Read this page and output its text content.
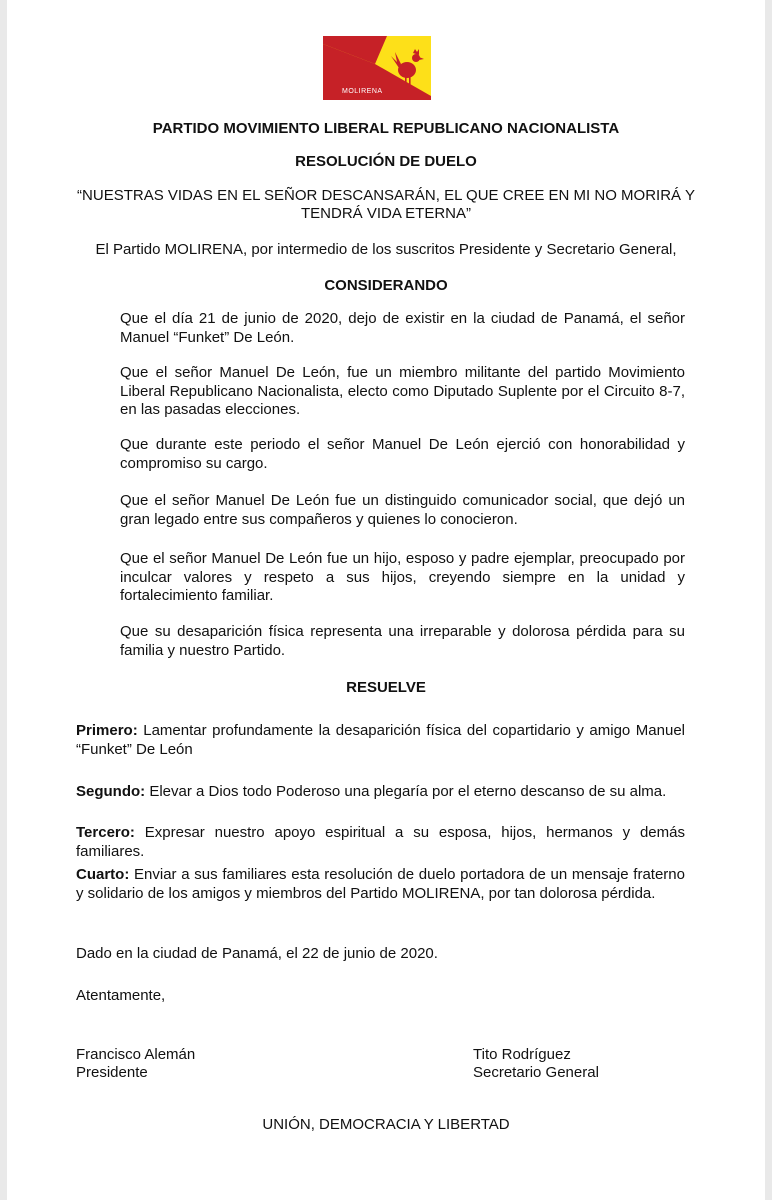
MOLIRENA
PARTIDO MOVIMIENTO LIBERAL REPUBLICANO NACIONALISTA
RESOLUCIÓN DE DUELO
“NUESTRAS VIDAS EN EL SEÑOR DESCANSARÁN, EL QUE CREE EN MI NO MORIRÁ Y
TENDRÁ VIDA ETERNA”
El Partido MOLIRENA, por intermedio de los suscritos Presidente y Secretario General,
CONSIDERANDO

Que el día 21 de junio de 2020, dejo de existir en la ciudad de Panamá, el señor Manuel “Funket” De León.

Que el señor Manuel De León, fue un miembro militante del partido Movimiento Liberal Republicano Nacionalista, electo como Diputado Suplente por el Circuito 8-7, en las pasadas elecciones.

Que durante este periodo el señor Manuel De León ejerció con honorabilidad y compromiso su cargo.

Que el señor Manuel De León fue un distinguido comunicador social, que dejó un gran legado entre sus compañeros y quienes lo conocieron.

Que el señor Manuel De León fue un hijo, esposo y padre ejemplar, preocupado por inculcar valores y respeto a sus hijos, creyendo siempre en la unidad y fortalecimiento familiar.

Que su desaparición física representa una irreparable y dolorosa pérdida para su familia y nuestro Partido.

RESUELVE

Primero: Lamentar profundamente la desaparición física del copartidario y amigo Manuel “Funket” De León

Segundo: Elevar a Dios todo Poderoso una plegaría por el eterno descanso de su alma.

Tercero: Expresar nuestro apoyo espiritual a su esposa, hijos, hermanos y demás familiares.

Cuarto: Enviar a sus familiares esta resolución de duelo portadora de un mensaje fraterno y solidario de los amigos y miembros del Partido MOLIRENA, por tan dolorosa pérdida.

Dado en la ciudad de Panamá, el 22 de junio de 2020.

Atentamente,

Francisco Alemán
Presidente
Tito Rodríguez
Secretario General
UNIÓN, DEMOCRACIA Y LIBERTAD
